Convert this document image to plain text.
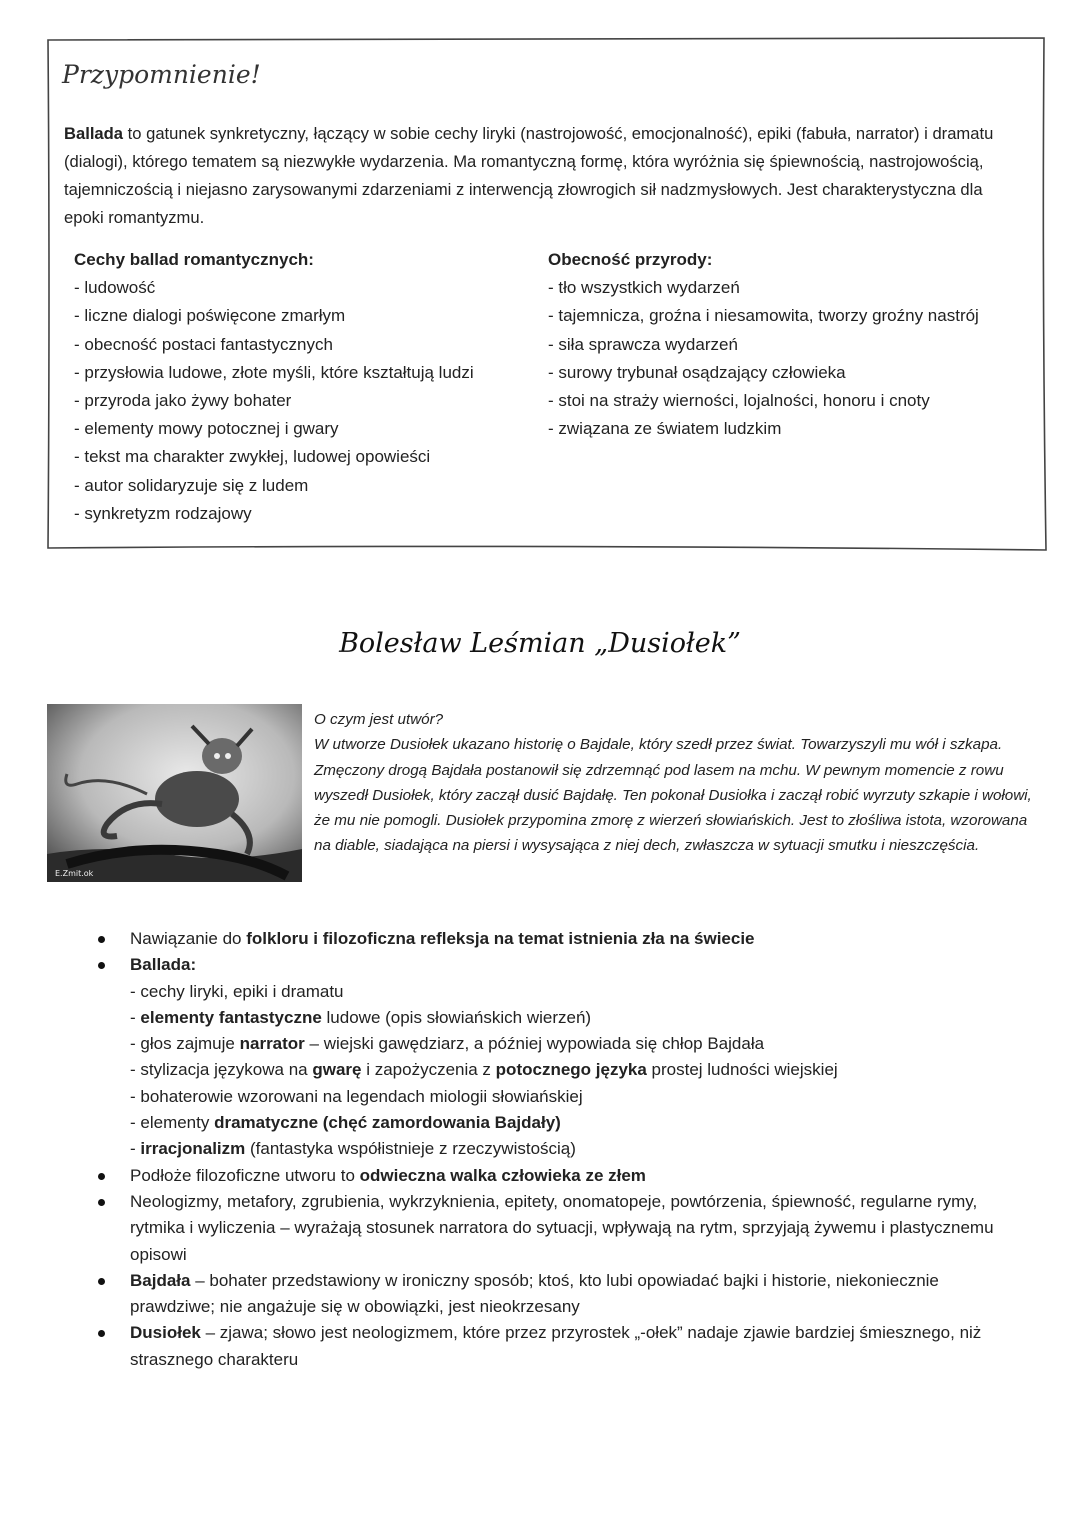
Przypomnienie!

Ballada to gatunek synkretyczny, łączący w sobie cechy liryki (nastrojowość, emocjonalność), epiki (fabuła, narrator) i dramatu (dialogi), którego tematem są niezwykłe wydarzenia. Ma romantyczną formę, która wyróżnia się śpiewnością, nastrojowością, tajemniczością i niejasno zarysowanymi zdarzeniami z interwencją złowrogich sił nadzmysłowych. Jest charakterystyczna dla epoki romantyzmu.

Cechy ballad romantycznych:
- ludowość
- liczne dialogi poświęcone zmarłym
- obecność postaci fantastycznych
- przysłowia ludowe, złote myśli, które kształtują ludzi
- przyroda jako żywy bohater
- elementy mowy potocznej i gwary
- tekst ma charakter zwykłej, ludowej opowieści
- autor solidaryzuje się z ludem
- synkretyzm rodzajowy
Obecność przyrody:
- tło wszystkich wydarzeń
- tajemnicza, groźna i niesamowita, tworzy groźny nastrój
- siła sprawcza wydarzeń
- surowy trybunał osądzający człowieka
- stoi na straży wierności, lojalności, honoru i cnoty
- związana ze światem ludzkim
Bolesław Leśmian „Dusiołek”
E.Zmit.ok

O czym jest utwór?

W utworze Dusiołek ukazano historię o Bajdale, który szedł przez świat. Towarzyszyli mu wół i szkapa. Zmęczony drogą Bajdała postanowił się zdrzemnąć pod lasem na mchu. W pewnym momencie z rowu wyszedł Dusiołek, który zaczął dusić Bajdałę. Ten pokonał Dusiołka i zaczął robić wyrzuty szkapie i wołowi, że mu nie pomogli. Dusiołek przypomina zmorę z wierzeń słowiańskich. Jest to złośliwa istota, wzorowana na diable, siadająca na piersi i wysysająca z niej dech, zwłaszcza w sytuacji smutku i nieszczęścia.

Nawiązanie do folkloru i filozoficzna refleksja na temat istnienia zła na świecie
Ballada:
- cechy liryki, epiki i dramatu
- elementy fantastyczne ludowe (opis słowiańskich wierzeń)
- głos zajmuje narrator – wiejski gawędziarz, a później wypowiada się chłop Bajdała
- stylizacja językowa na gwarę i zapożyczenia z potocznego języka prostej ludności wiejskiej
- bohaterowie wzorowani na legendach miologii słowiańskiej
- elementy dramatyczne (chęć zamordowania Bajdały)
- irracjonalizm (fantastyka współistnieje z rzeczywistością)
Podłoże filozoficzne utworu to odwieczna walka człowieka ze złem
Neologizmy, metafory, zgrubienia, wykrzyknienia, epitety, onomatopeje, powtórzenia, śpiewność, regularne rymy, rytmika i wyliczenia – wyrażają stosunek narratora do sytuacji, wpływają na rytm, sprzyjają żywemu i plastycznemu opisowi
Bajdała – bohater przedstawiony w ironiczny sposób; ktoś, kto lubi opowiadać bajki i historie, niekoniecznie prawdziwe; nie angażuje się w obowiązki, jest nieokrzesany
Dusiołek – zjawa; słowo jest neologizmem, które przez przyrostek „-ołek” nadaje zjawie bardziej śmiesznego, niż strasznego charakteru
